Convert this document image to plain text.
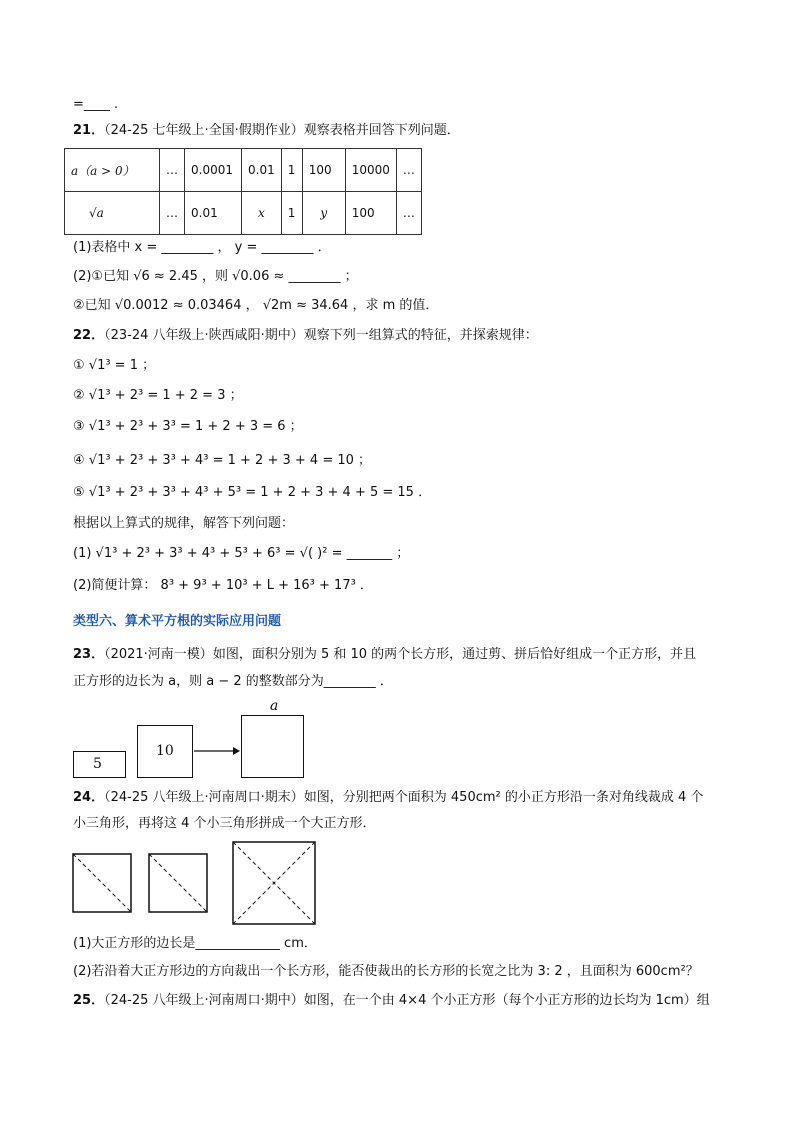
=____ .
21．（24-25 七年级上·全国·假期作业）观察表格并回答下列问题．
a（a > 0）	…	0.0001	0.01	1	100	10000	…
√a	…	0.01	x	1	y	100	…
(1)表格中 x = ________ ， y = ________ ．
(2)①已知 √6 ≈ 2.45 ，则 √0.06 ≈ ________ ；
②已知 √0.0012 ≈ 0.03464 ， √2m ≈ 34.64 ，求 m 的值．
22．（23-24 八年级上·陕西咸阳·期中）观察下列一组算式的特征，并探索规律：
① √1³ = 1 ；
② √1³ + 2³ = 1 + 2 = 3 ；
③ √1³ + 2³ + 3³ = 1 + 2 + 3 = 6 ；
④ √1³ + 2³ + 3³ + 4³ = 1 + 2 + 3 + 4 = 10 ；
⑤ √1³ + 2³ + 3³ + 4³ + 5³ = 1 + 2 + 3 + 4 + 5 = 15 ．
根据以上算式的规律，解答下列问题：
(1) √1³ + 2³ + 3³ + 4³ + 5³ + 6³ = √( )² = _______ ；
(2)简便计算： 8³ + 9³ + 10³ + L + 16³ + 17³ ．
类型六、算术平方根的实际应用问题
23．（2021·河南一模）如图，面积分别为 5 和 10 的两个长方形，通过剪、拼后恰好组成一个正方形，并且
正方形的边长为 a，则 a − 2 的整数部分为________ ．
5
10
a
24．（24-25 八年级上·河南周口·期末）如图，分别把两个面积为 450cm² 的小正方形沿一条对角线裁成 4 个
小三角形，再将这 4 个小三角形拼成一个大正方形．
(1)大正方形的边长是_____________ cm．
(2)若沿着大正方形边的方向裁出一个长方形，能否使裁出的长方形的长宽之比为 3: 2 ，且面积为 600cm²？
25．（24-25 八年级上·河南周口·期中）如图，在一个由 4×4 个小正方形（每个小正方形的边长均为 1cm）组
